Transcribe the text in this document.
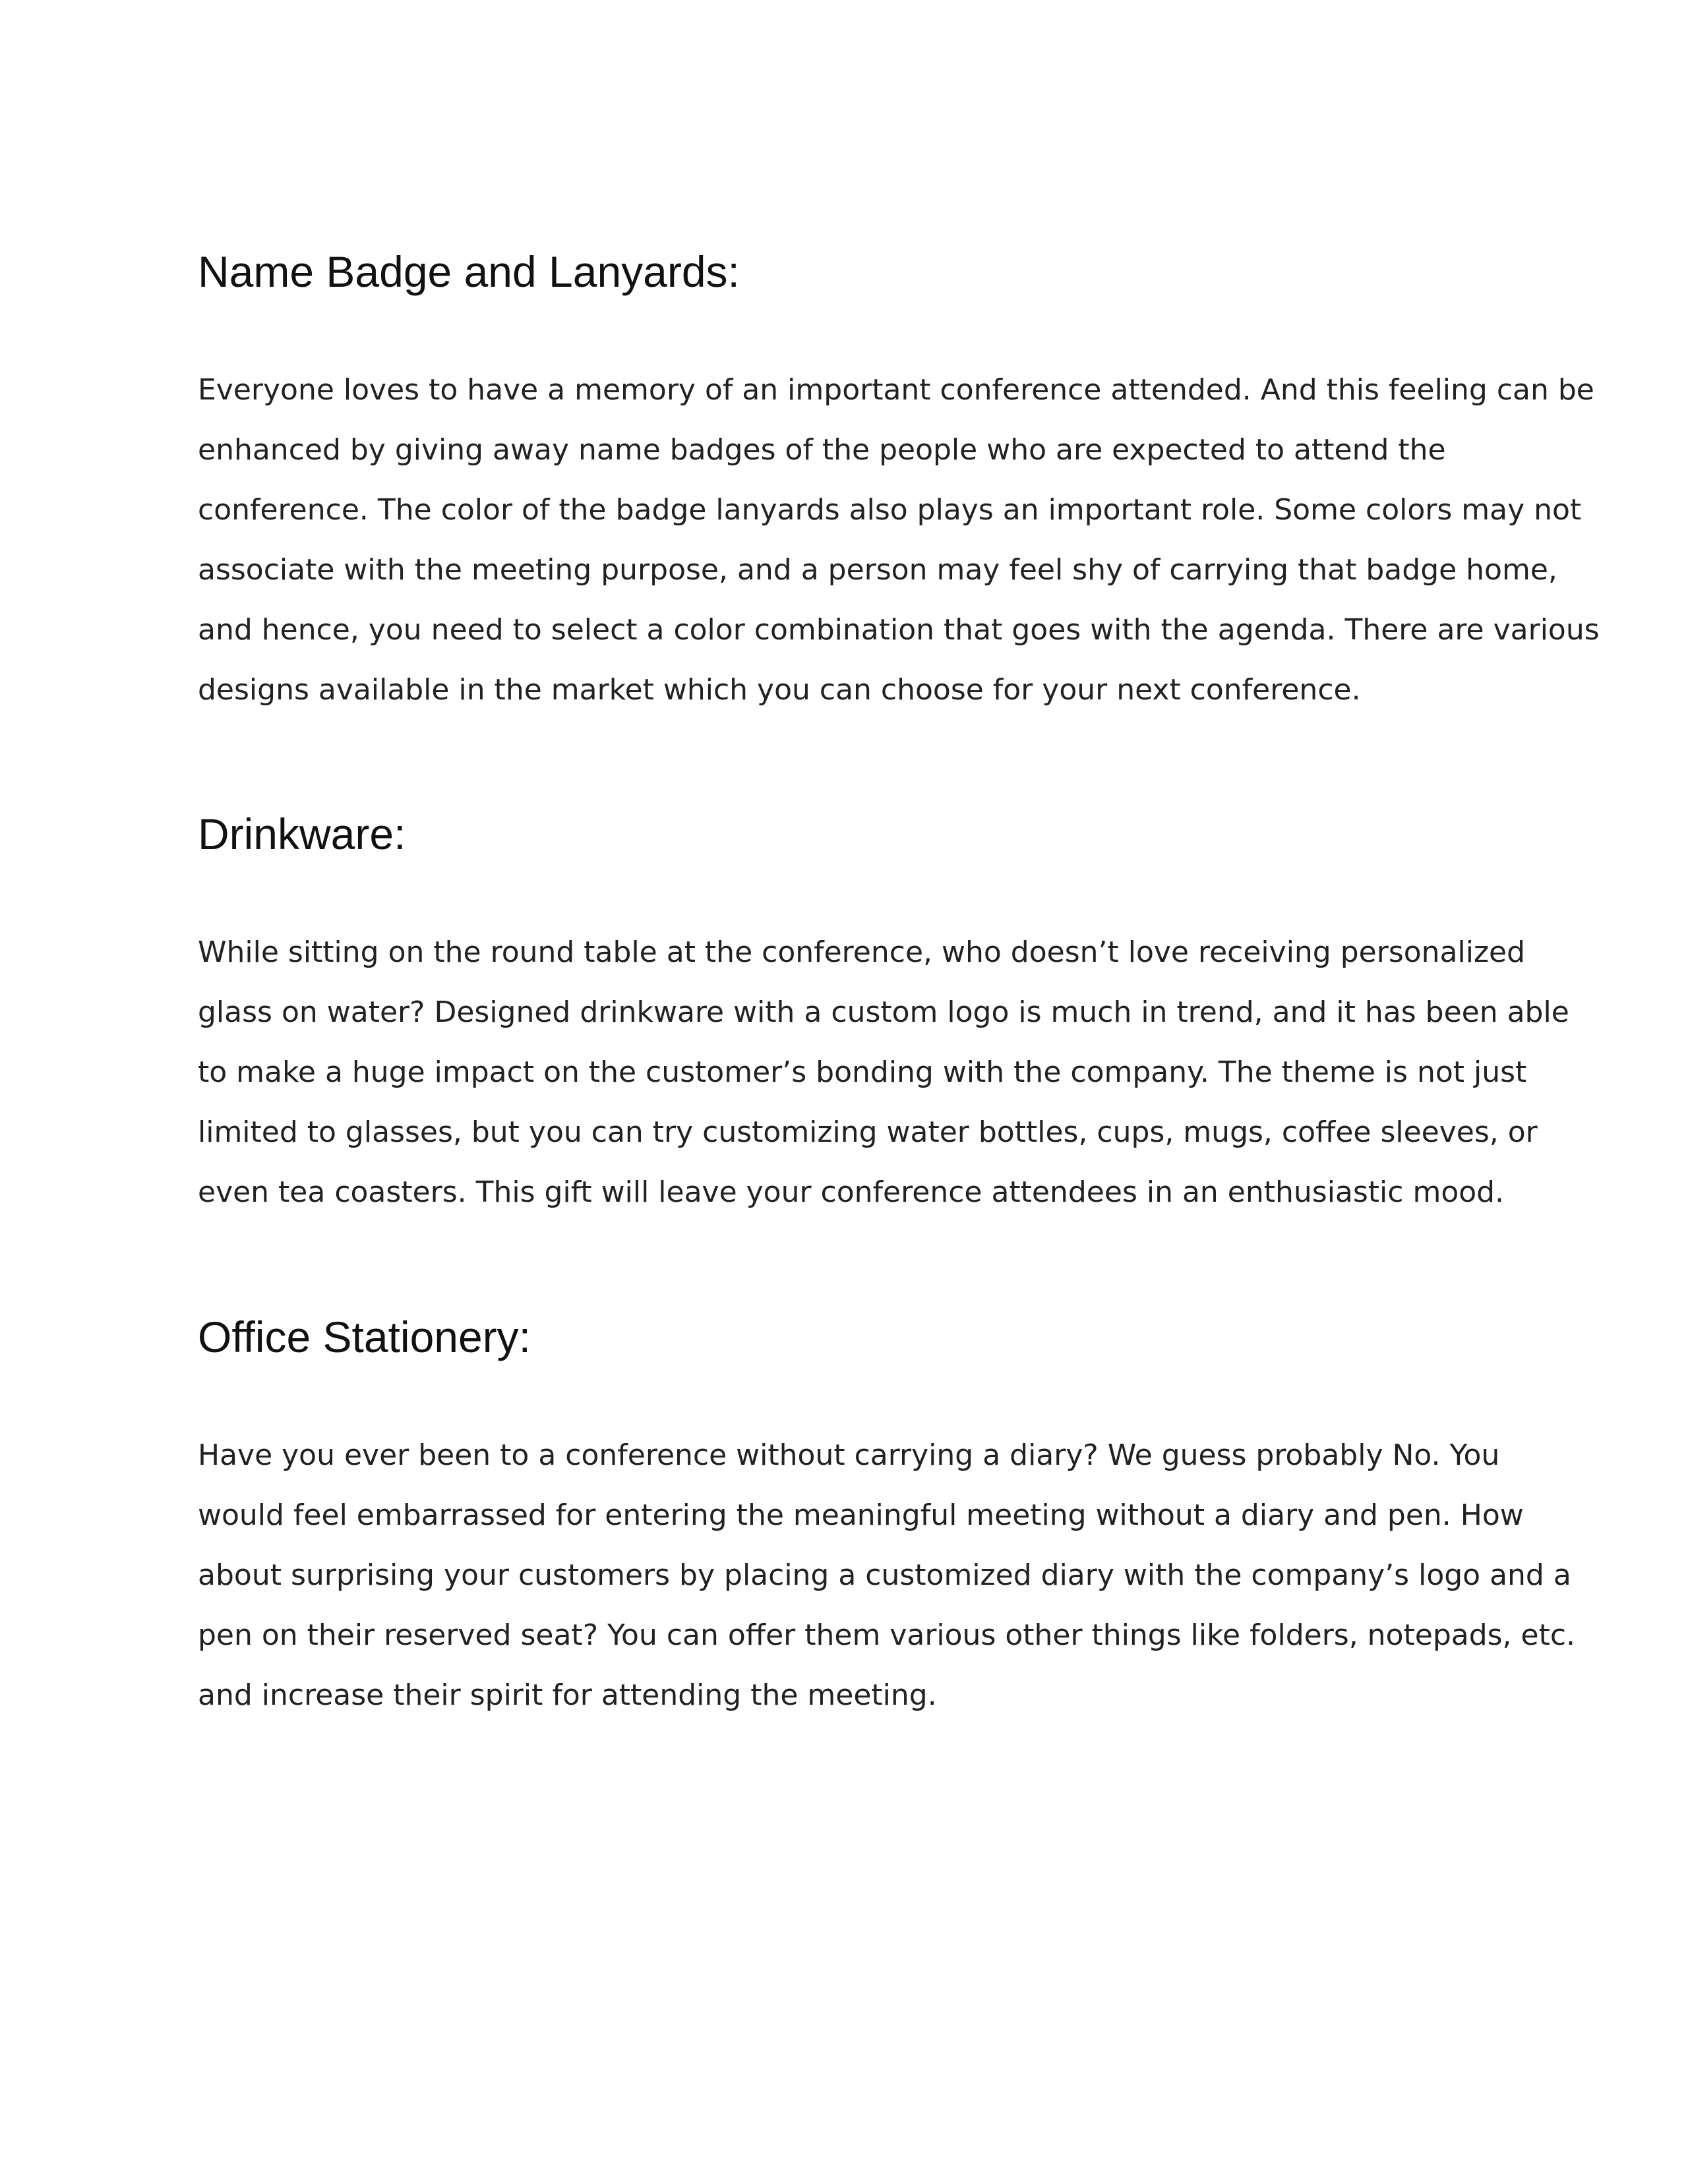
Name Badge and Lanyards:

Everyone loves to have a memory of an important conference attended. And this feeling can be
enhanced by giving away name badges of the people who are expected to attend the
conference. The color of the badge lanyards also plays an important role. Some colors may not
associate with the meeting purpose, and a person may feel shy of carrying that badge home,
and hence, you need to select a color combination that goes with the agenda. There are various
designs available in the market which you can choose for your next conference.

Drinkware:

While sitting on the round table at the conference, who doesn’t love receiving personalized
glass on water? Designed drinkware with a custom logo is much in trend, and it has been able
to make a huge impact on the customer’s bonding with the company. The theme is not just
limited to glasses, but you can try customizing water bottles, cups, mugs, coffee sleeves, or
even tea coasters. This gift will leave your conference attendees in an enthusiastic mood.

Office Stationery:

Have you ever been to a conference without carrying a diary? We guess probably No. You
would feel embarrassed for entering the meaningful meeting without a diary and pen. How
about surprising your customers by placing a customized diary with the company’s logo and a
pen on their reserved seat? You can offer them various other things like folders, notepads, etc.
and increase their spirit for attending the meeting.
